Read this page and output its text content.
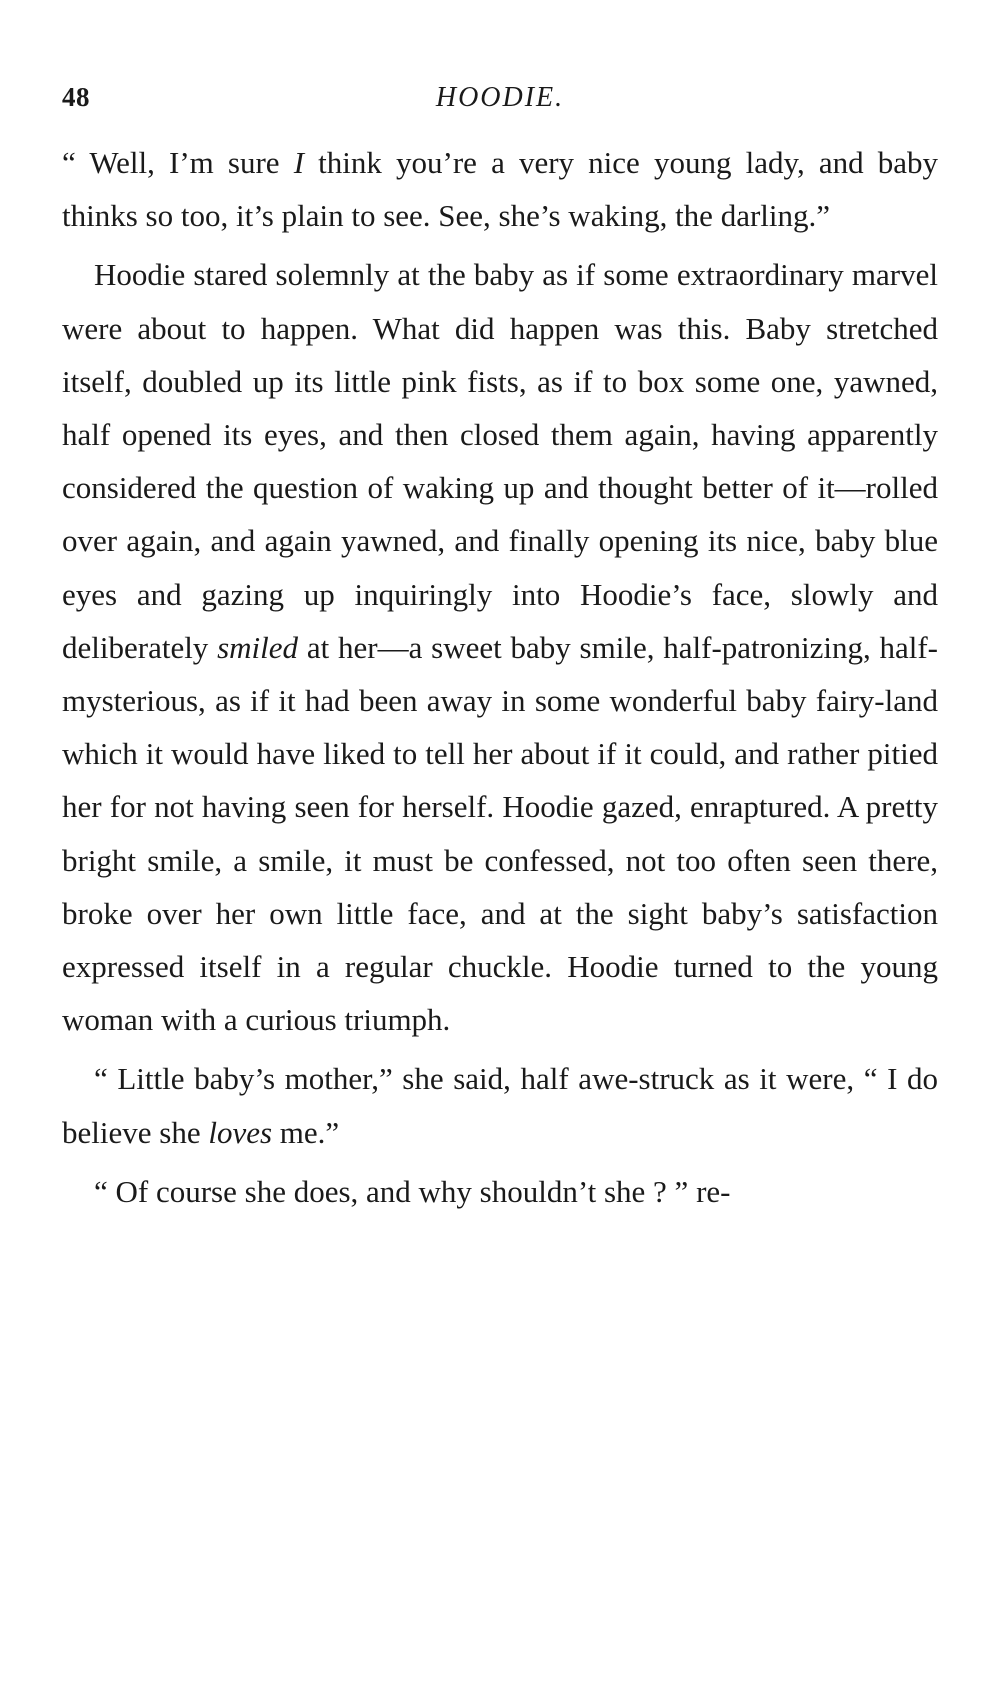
48	HOODIE.

“ Well, I’m sure I think you’re a very nice young lady, and baby thinks so too, it’s plain to see. See, she’s waking, the darling.”

Hoodie stared solemnly at the baby as if some extraordinary marvel were about to happen. What did happen was this. Baby stretched itself, doubled up its little pink fists, as if to box some one, yawned, half opened its eyes, and then closed them again, having apparently considered the question of waking up and thought better of it—rolled over again, and again yawned, and finally opening its nice, baby blue eyes and gazing up inquiringly into Hoodie’s face, slowly and deliberately smiled at her—a sweet baby smile, half-patronizing, half-mysterious, as if it had been away in some wonderful baby fairy-land which it would have liked to tell her about if it could, and rather pitied her for not having seen for herself. Hoodie gazed, enraptured. A pretty bright smile, a smile, it must be confessed, not too often seen there, broke over her own little face, and at the sight baby’s satisfaction expressed itself in a regular chuckle. Hoodie turned to the young woman with a curious triumph.

“ Little baby’s mother,” she said, half awe-struck as it were, “ I do believe she loves me.”

“ Of course she does, and why shouldn’t she ? ” re-
